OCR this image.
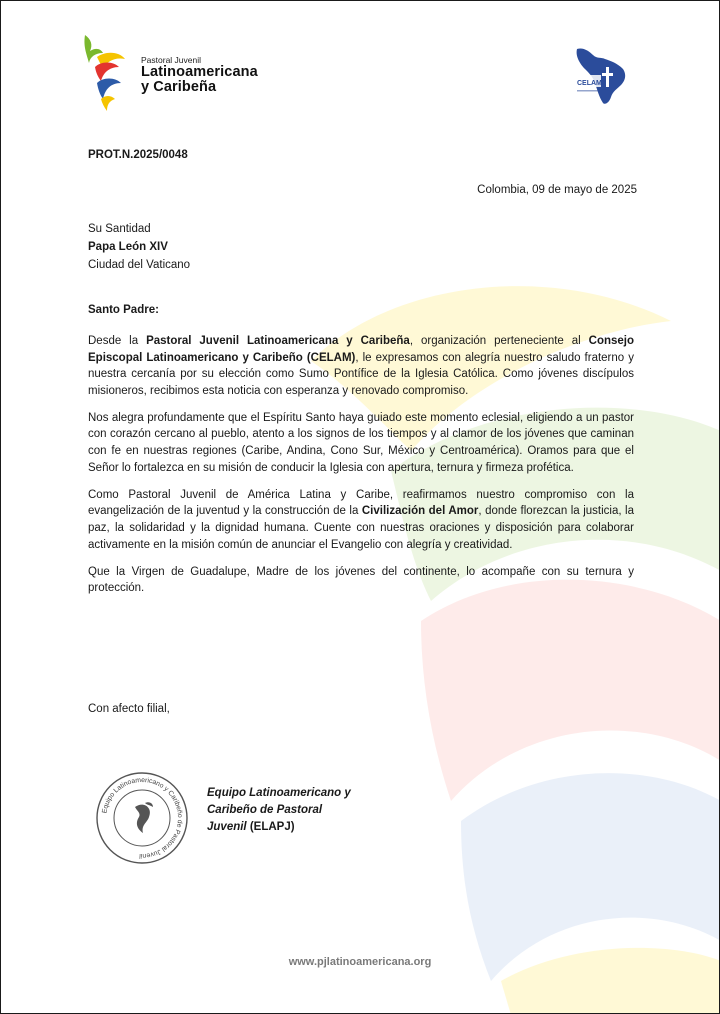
Pastoral Juvenil
Latinoamericana
y Caribeña	CELAM
PROT.N.2025/0048
Colombia, 09 de mayo de 2025
Su Santidad
Papa León XIV
Ciudad del Vaticano
Santo Padre:

Desde la Pastoral Juvenil Latinoamericana y Caribeña, organización perteneciente al Consejo Episcopal Latinoamericano y Caribeño (CELAM), le expresamos con alegría nuestro saludo fraterno y nuestra cercanía por su elección como Sumo Pontífice de la Iglesia Católica. Como jóvenes discípulos misioneros, recibimos esta noticia con esperanza y renovado compromiso.

Nos alegra profundamente que el Espíritu Santo haya guiado este momento eclesial, eligiendo a un pastor con corazón cercano al pueblo, atento a los signos de los tiempos y al clamor de los jóvenes que caminan con fe en nuestras regiones (Caribe, Andina, Cono Sur, México y Centroamérica). Oramos para que el Señor lo fortalezca en su misión de conducir la Iglesia con apertura, ternura y firmeza profética.

Como Pastoral Juvenil de América Latina y Caribe, reafirmamos nuestro compromiso con la evangelización de la juventud y la construcción de la Civilización del Amor, donde florezcan la justicia, la paz, la solidaridad y la dignidad humana. Cuente con nuestras oraciones y disposición para colaborar activamente en la misión común de anunciar el Evangelio con alegría y creatividad.

Que la Virgen de Guadalupe, Madre de los jóvenes del continente, lo acompañe con su ternura y protección.

Con afecto filial,
Equipo Latinoamericano y Caribeño de Pastoral Juvenil
Equipo Latinoamericano y
Caribeño de Pastoral
Juvenil (ELAPJ)
www.pjlatinoamericana.org
